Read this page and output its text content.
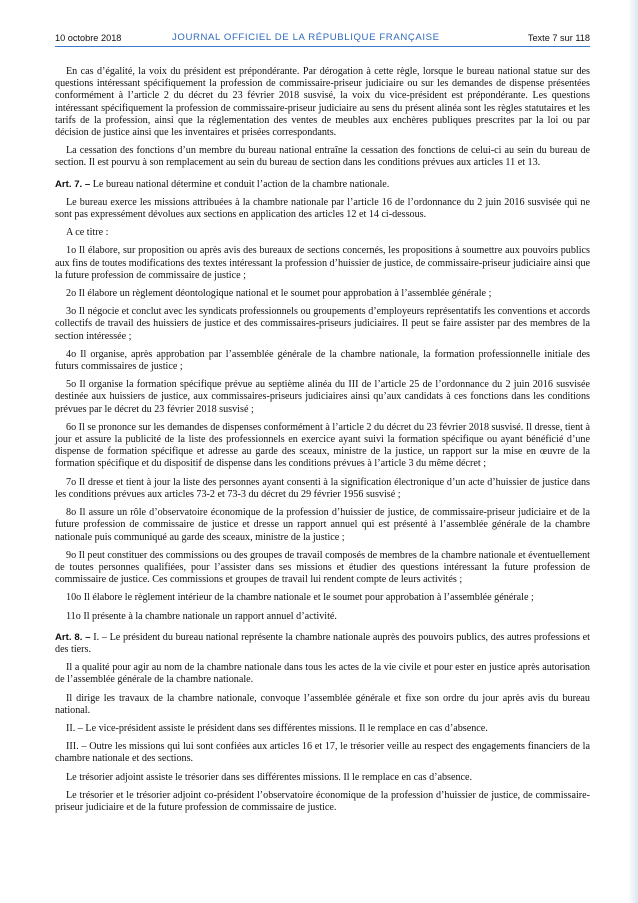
10 octobre 2018	JOURNAL OFFICIEL DE LA RÉPUBLIQUE FRANÇAISE	Texte 7 sur 118

En cas d’égalité, la voix du président est prépondérante. Par dérogation à cette règle, lorsque le bureau national statue sur des questions intéressant spécifiquement la profession de commissaire-priseur judiciaire ou sur les demandes de dispense présentées conformément à l’article 2 du décret du 23 février 2018 susvisé, la voix du vice-président est prépondérante. Les questions intéressant spécifiquement la profession de commissaire-priseur judiciaire au sens du présent alinéa sont les règles statutaires et les tarifs de la profession, ainsi que la réglementation des ventes de meubles aux enchères publiques prescrites par la loi ou par décision de justice ainsi que les inventaires et prisées correspondants.

La cessation des fonctions d’un membre du bureau national entraîne la cessation des fonctions de celui-ci au sein du bureau de section. Il est pourvu à son remplacement au sein du bureau de section dans les conditions prévues aux articles 11 et 13.

Art. 7. – Le bureau national détermine et conduit l’action de la chambre nationale.

Le bureau exerce les missions attribuées à la chambre nationale par l’article 16 de l’ordonnance du 2 juin 2016 susvisée qui ne sont pas expressément dévolues aux sections en application des articles 12 et 14 ci-dessous.

A ce titre :

1o Il élabore, sur proposition ou après avis des bureaux de sections concernés, les propositions à soumettre aux pouvoirs publics aux fins de toutes modifications des textes intéressant la profession d’huissier de justice, de commissaire-priseur judiciaire ainsi que la future profession de commissaire de justice ;

2o Il élabore un règlement déontologique national et le soumet pour approbation à l’assemblée générale ;

3o Il négocie et conclut avec les syndicats professionnels ou groupements d’employeurs représentatifs les conventions et accords collectifs de travail des huissiers de justice et des commissaires-priseurs judiciaires. Il peut se faire assister par des membres de la section intéressée ;

4o Il organise, après approbation par l’assemblée générale de la chambre nationale, la formation professionnelle initiale des futurs commissaires de justice ;

5o Il organise la formation spécifique prévue au septième alinéa du III de l’article 25 de l’ordonnance du 2 juin 2016 susvisée destinée aux huissiers de justice, aux commissaires-priseurs judiciaires ainsi qu’aux candidats à ces fonctions dans les conditions prévues par le décret du 23 février 2018 susvisé ;

6o Il se prononce sur les demandes de dispenses conformément à l’article 2 du décret du 23 février 2018 susvisé. Il dresse, tient à jour et assure la publicité de la liste des professionnels en exercice ayant suivi la formation spécifique ou ayant bénéficié d’une dispense de formation spécifique et adresse au garde des sceaux, ministre de la justice, un rapport sur la mise en œuvre de la formation spécifique et du dispositif de dispense dans les conditions prévues à l’article 3 du même décret ;

7o Il dresse et tient à jour la liste des personnes ayant consenti à la signification électronique d’un acte d’huissier de justice dans les conditions prévues aux articles 73-2 et 73-3 du décret du 29 février 1956 susvisé ;

8o Il assure un rôle d’observatoire économique de la profession d’huissier de justice, de commissaire-priseur judiciaire et de la future profession de commissaire de justice et dresse un rapport annuel qui est présenté à l’assemblée générale de la chambre nationale puis communiqué au garde des sceaux, ministre de la justice ;

9o Il peut constituer des commissions ou des groupes de travail composés de membres de la chambre nationale et éventuellement de toutes personnes qualifiées, pour l’assister dans ses missions et étudier des questions intéressant la future profession de commissaire de justice. Ces commissions et groupes de travail lui rendent compte de leurs activités ;

10o Il élabore le règlement intérieur de la chambre nationale et le soumet pour approbation à l’assemblée générale ;

11o Il présente à la chambre nationale un rapport annuel d’activité.

Art. 8. – I. – Le président du bureau national représente la chambre nationale auprès des pouvoirs publics, des autres professions et des tiers.

Il a qualité pour agir au nom de la chambre nationale dans tous les actes de la vie civile et pour ester en justice après autorisation de l’assemblée générale de la chambre nationale.

Il dirige les travaux de la chambre nationale, convoque l’assemblée générale et fixe son ordre du jour après avis du bureau national.

II. – Le vice-président assiste le président dans ses différentes missions. Il le remplace en cas d’absence.

III. – Outre les missions qui lui sont confiées aux articles 16 et 17, le trésorier veille au respect des engagements financiers de la chambre nationale et des sections.

Le trésorier adjoint assiste le trésorier dans ses différentes missions. Il le remplace en cas d’absence.

Le trésorier et le trésorier adjoint co-président l’observatoire économique de la profession d’huissier de justice, de commissaire-priseur judiciaire et de la future profession de commissaire de justice.
